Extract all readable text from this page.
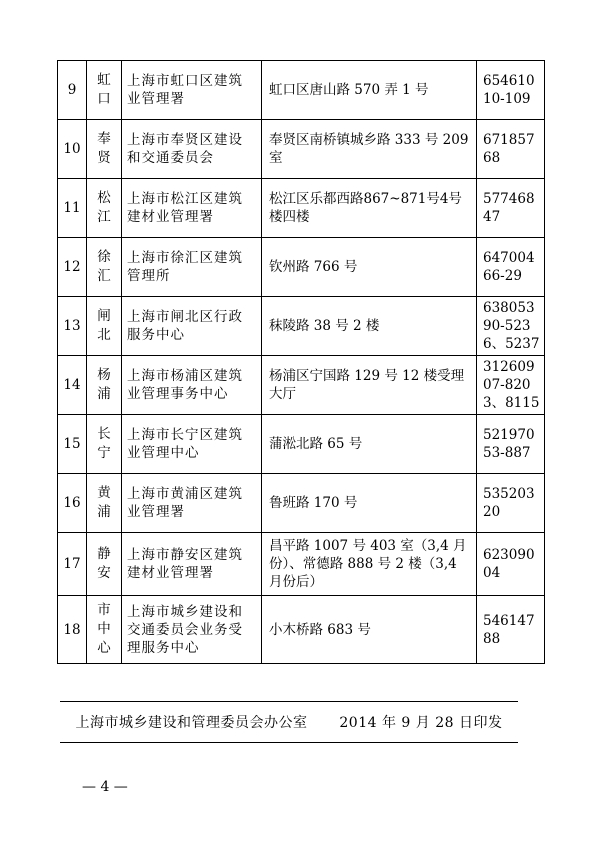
9	虹口	上海市虹口区建筑业管理署	虹口区唐山路 570 弄 1 号	65461010-109
10	奉贤	上海市奉贤区建设和交通委员会	奉贤区南桥镇城乡路 333 号 209 室	67185768
11	松江	上海市松江区建筑建材业管理署	松江区乐都西路867~871号4号楼四楼	57746847
12	徐汇	上海市徐汇区建筑管理所	钦州路 766 号	64700466-29
13	闸北	上海市闸北区行政服务中心	秣陵路 38 号 2 楼	63805390-5236、5237
14	杨浦	上海市杨浦区建筑业管理事务中心	杨浦区宁国路 129 号 12 楼受理大厅	31260907-8203、8115
15	长宁	上海市长宁区建筑业管理中心	蒲淞北路 65 号	52197053-887
16	黄浦	上海市黄浦区建筑业管理署	鲁班路 170 号	53520320
17	静安	上海市静安区建筑建材业管理署	昌平路 1007 号 403 室（3,4 月份）、常德路 888 号 2 楼（3,4 月份后）	62309004
18	市中心	上海市城乡建设和交通委员会业务受理服务中心	小木桥路 683 号	54614788
上海市城乡建设和管理委员会办公室 2014 年 9 月 28 日印发
— 4 —
